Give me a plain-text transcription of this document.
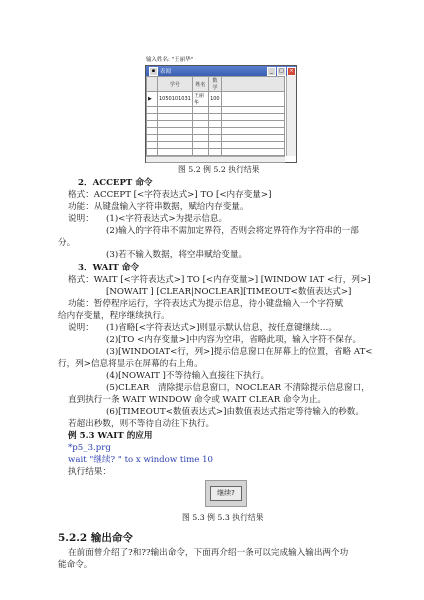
输入姓名: "王丽华"
▪ 表阅	_	□	×
	学号	姓名	数学	
▶	1050101031	王丽华	100	

图 5.2 例 5.2 执行结果
2．ACCEPT 命令
格式：ACCEPT [<字符表达式>] TO [<内存变量>]
功能：从键盘输入字符串数据，赋给内存变量。
说明： (1)<字符表达式>为提示信息。
(2)输入的字符串不需加定界符，否则会将定界符作为字符串的一部
分。
(3)若不输入数据，将空串赋给变量。
3．WAIT 命令
格式：WAIT [<字符表达式>] TO [<内存变量>] [WINDOW IAT <行，列>]
[NOWAIT ] [CLEAR|NOCLEAR][TIMEOUT<数值表达式>]
功能：暂停程序运行，字符表达式为提示信息，待小键盘输入一个字符赋
给内存变量，程序继续执行。
说明： (1)省略[<字符表达式>]则显示默认信息，按任意键继续…。
(2)[TO <内存变量>]中内容为空串，省略此项，输入字符不保存。
(3)[WINDOIAT<行，列>]提示信息窗口在屏幕上的位置，省略 AT<
行，列>信息将显示在屏幕的右上角。
(4)[NOWAIT ]不等待输入直接往下执行。
(5)CLEAR　清除提示信息窗口，NOCLEAR 不清除提示信息窗口，
直到执行一条 WAIT WINDOW 命令或 WAIT CLEAR 命令为止。
(6)[TIMEOUT<数值表达式>]由数值表达式指定等待输入的秒数。
若超出秒数，则不等待自动往下执行。
例 5.3 WAIT 的应用
*p5_3.prg
wait "继续? " to x window time 10
执行结果：
继续?
图 5.3 例 5.3 执行结果
5.2.2 输出命令
在前面曾介绍了?和??输出命令，下面再介绍一条可以完成输入输出两个功
能命令。
